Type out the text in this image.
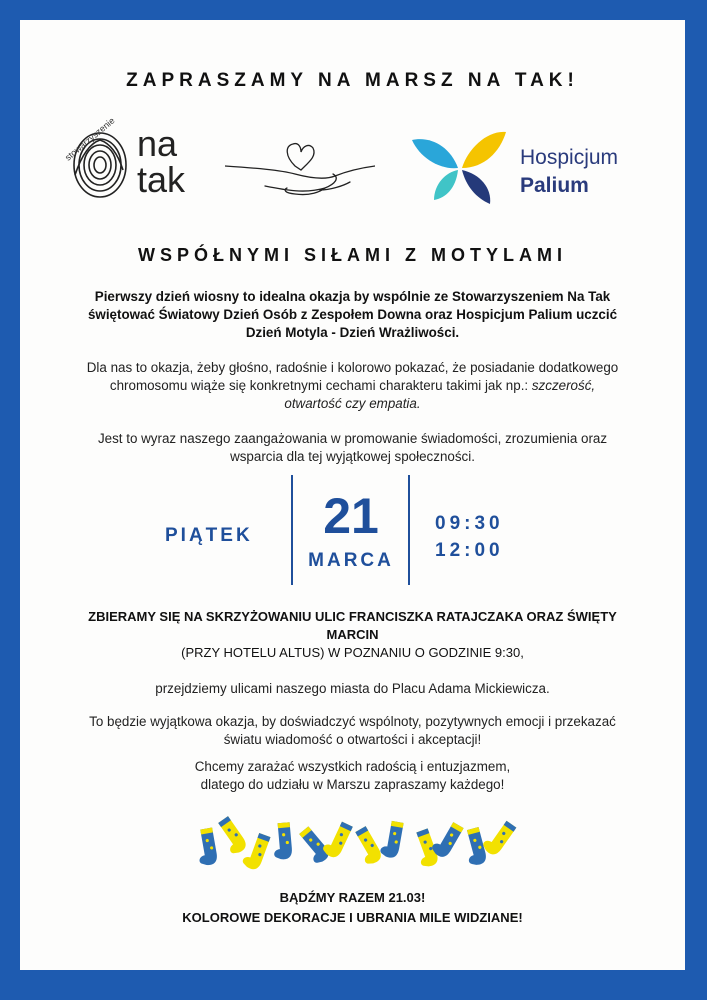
ZAPRASZAMY NA MARSZ NA TAK!
stowarzyszenie na
tak
Hospicjum
Palium
WSPÓŁNYMI SIŁAMI Z MOTYLAMI
Pierwszy dzień wiosny to idealna okazja by wspólnie ze Stowarzyszeniem Na Tak
świętować Światowy Dzień Osób z Zespołem Downa oraz Hospicjum Palium uczcić
Dzień Motyla - Dzień Wrażliwości.
Dla nas to okazja, żeby głośno, radośnie i kolorowo pokazać, że posiadanie dodatkowego
chromosomu wiąże się konkretnymi cechami charakteru takimi jak np.: szczerość,
otwartość czy empatia.
Jest to wyraz naszego zaangażowania w promowanie świadomości, zrozumienia oraz
wsparcia dla tej wyjątkowej społeczności.
PIĄTEK	21
MARCA
09:30
12:00
ZBIERAMY SIĘ NA SKRZYŻOWANIU ULIC FRANCISZKA RATAJCZAKA ORAZ ŚWIĘTY
MARCIN
(PRZY HOTELU ALTUS) W POZNANIU O GODZINIE 9:30,
przejdziemy ulicami naszego miasta do Placu Adama Mickiewicza.
To będzie wyjątkowa okazja, by doświadczyć wspólnoty, pozytywnych emocji i przekazać
światu wiadomość o otwartości i akceptacji!
Chcemy zarażać wszystkich radością i entuzjazmem,
dlatego do udziału w Marszu zapraszamy każdego!
BĄDŹMY RAZEM 21.03!
KOLOROWE DEKORACJE I UBRANIA MILE WIDZIANE!
